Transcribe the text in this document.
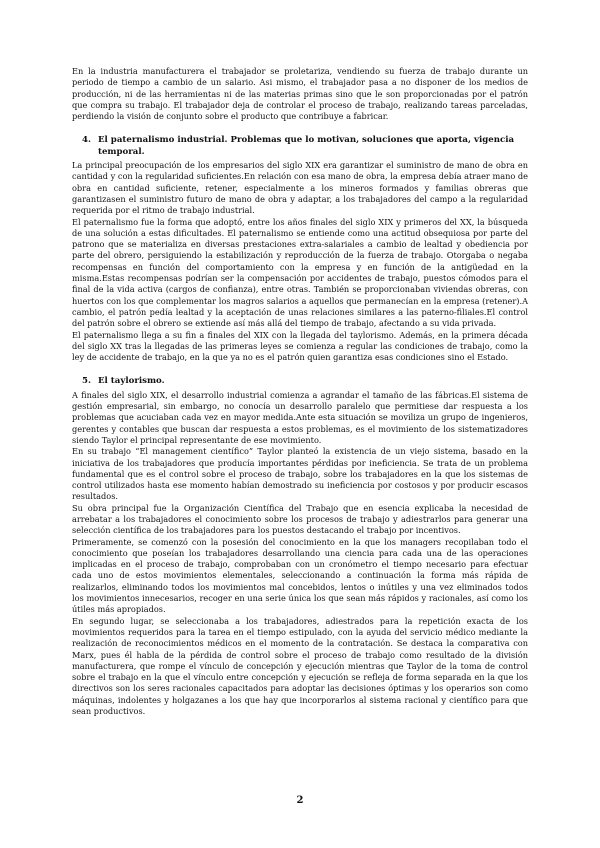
En la industria manufacturera el trabajador se proletariza, vendiendo su fuerza de trabajo durante un periodo de tiempo a cambio de un salario. Asi mismo, el trabajador pasa a no disponer de los medios de producción, ni de las herramientas ni de las materias primas sino que le son proporcionadas por el patrón que compra su trabajo. El trabajador deja de controlar el proceso de trabajo, realizando tareas parceladas, perdiendo la visión de conjunto sobre el producto que contribuye a fabricar.

4. El paternalismo industrial. Problemas que lo motivan, soluciones que aporta, vigencia temporal.

La principal preocupación de los empresarios del siglo XIX era garantizar el suministro de mano de obra en cantidad y con la regularidad suficientes.En relación con esa mano de obra, la empresa debía atraer mano de obra en cantidad suficiente, retener, especialmente a los mineros formados y familias obreras que garantizasen el suministro futuro de mano de obra y adaptar, a los trabajadores del campo a la regularidad requerida por el ritmo de trabajo industrial.

El paternalismo fue la forma que adoptó, entre los años finales del siglo XIX y primeros del XX, la búsqueda de una solución a estas dificultades. El paternalismo se entiende como una actitud obsequiosa por parte del patrono que se materializa en diversas prestaciones extra-salariales a cambio de lealtad y obediencia por parte del obrero, persiguiendo la estabilización y reproducción de la fuerza de trabajo. Otorgaba o negaba recompensas en función del comportamiento con la empresa y en función de la antigüedad en la misma.Estas recompensas podrían ser la compensación por accidentes de trabajo, puestos cómodos para el final de la vida activa (cargos de confianza), entre otras. También se proporcionaban viviendas obreras, con huertos con los que complementar los magros salarios a aquellos que permanecían en la empresa (retener).A cambio, el patrón pedía lealtad y la aceptación de unas relaciones similares a las paterno-filiales.El control del patrón sobre el obrero se extiende así más allá del tiempo de trabajo, afectando a su vida privada.

El paternalismo llega a su fin a finales del XIX con la llegada del taylorismo. Además, en la primera década del siglo XX tras la llegadas de las primeras leyes se comienza a regular las condiciones de trabajo, como la ley de accidente de trabajo, en la que ya no es el patrón quien garantiza esas condiciones sino el Estado.

5. El taylorismo.

A finales del siglo XIX, el desarrollo industrial comienza a agrandar el tamaño de las fábricas.El sistema de gestión empresarial, sin embargo, no conocía un desarrollo paralelo que permitiese dar respuesta a los problemas que acuciaban cada vez en mayor medida.Ante esta situación se moviliza un grupo de ingenieros, gerentes y contables que buscan dar respuesta a estos problemas, es el movimiento de los sistematizadores siendo Taylor el principal representante de ese movimiento.

En su trabajo “El management científico” Taylor planteó la existencia de un viejo sistema, basado en la iniciativa de los trabajadores que producía importantes pérdidas por ineficiencia. Se trata de un problema fundamental que es el control sobre el proceso de trabajo, sobre los trabajadores en la que los sistemas de control utilizados hasta ese momento habían demostrado su ineficiencia por costosos y por producir escasos resultados.

Su obra principal fue la Organización Científica del Trabajo que en esencia explicaba la necesidad de arrebatar a los trabajadores el conocimiento sobre los procesos de trabajo y adiestrarlos para generar una selección científica de los trabajadores para los puestos destacando el trabajo por incentivos.

Primeramente, se comenzó con la posesión del conocimiento en la que los managers recopilaban todo el conocimiento que poseían los trabajadores desarrollando una ciencia para cada una de las operaciones implicadas en el proceso de trabajo, comprobaban con un cronómetro el tiempo necesario para efectuar cada uno de estos movimientos elementales, seleccionando a continuación la forma más rápida de realizarlos, eliminando todos los movimientos mal concebidos, lentos o inútiles y una vez eliminados todos los movimientos innecesarios, recoger en una serie única los que sean más rápidos y racionales, así como los útiles más apropiados.

En segundo lugar, se seleccionaba a los trabajadores, adiestrados para la repetición exacta de los movimientos requeridos para la tarea en el tiempo estipulado, con la ayuda del servicio médico mediante la realización de reconocimientos médicos en el momento de la contratación. Se destaca la comparativa con Marx, pues él habla de la pérdida de control sobre el proceso de trabajo como resultado de la división manufacturera, que rompe el vínculo de concepción y ejecución mientras que Taylor de la toma de control sobre el trabajo en la que el vínculo entre concepción y ejecución se refleja de forma separada en la que los directivos son los seres racionales capacitados para adoptar las decisiones óptimas y los operarios son como máquinas, indolentes y holgazanes a los que hay que incorporarlos al sistema racional y científico para que sean productivos.

2
